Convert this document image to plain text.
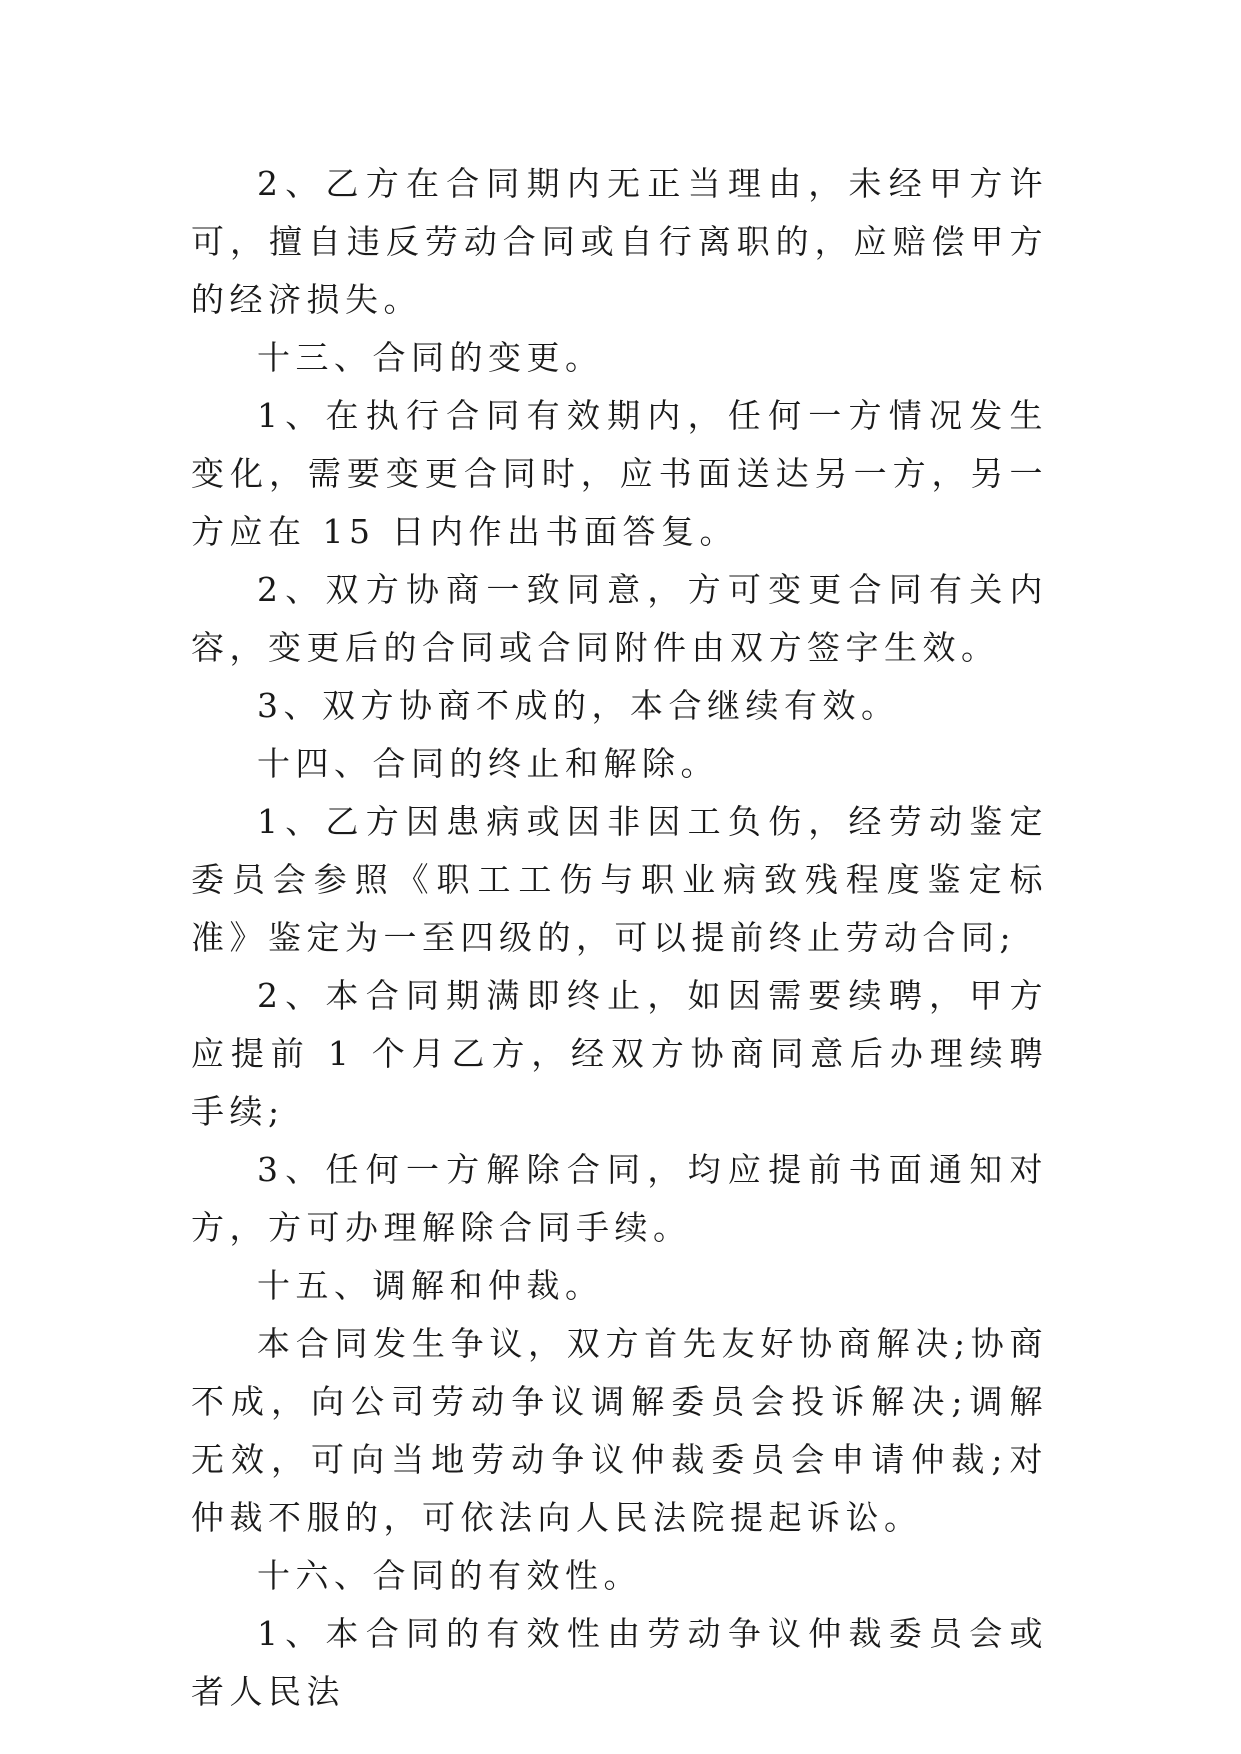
2、乙方在合同期内无正当理由，未经甲方许可，擅自违反劳动合同或自行离职的，应赔偿甲方的经济损失。

十三、合同的变更。

1、在执行合同有效期内，任何一方情况发生变化，需要变更合同时，应书面送达另一方，另一方应在 15 日内作出书面答复。

2、双方协商一致同意，方可变更合同有关内容，变更后的合同或合同附件由双方签字生效。

3、双方协商不成的，本合继续有效。

十四、合同的终止和解除。

1、乙方因患病或因非因工负伤，经劳动鉴定委员会参照《职工工伤与职业病致残程度鉴定标准》鉴定为一至四级的，可以提前终止劳动合同;

2、本合同期满即终止，如因需要续聘，甲方应提前 1 个月乙方，经双方协商同意后办理续聘手续;

3、任何一方解除合同，均应提前书面通知对方，方可办理解除合同手续。

十五、调解和仲裁。

本合同发生争议，双方首先友好协商解决;协商不成，向公司劳动争议调解委员会投诉解决;调解无效，可向当地劳动争议仲裁委员会申请仲裁;对仲裁不服的，可依法向人民法院提起诉讼。

十六、合同的有效性。

1、本合同的有效性由劳动争议仲裁委员会或者人民法
